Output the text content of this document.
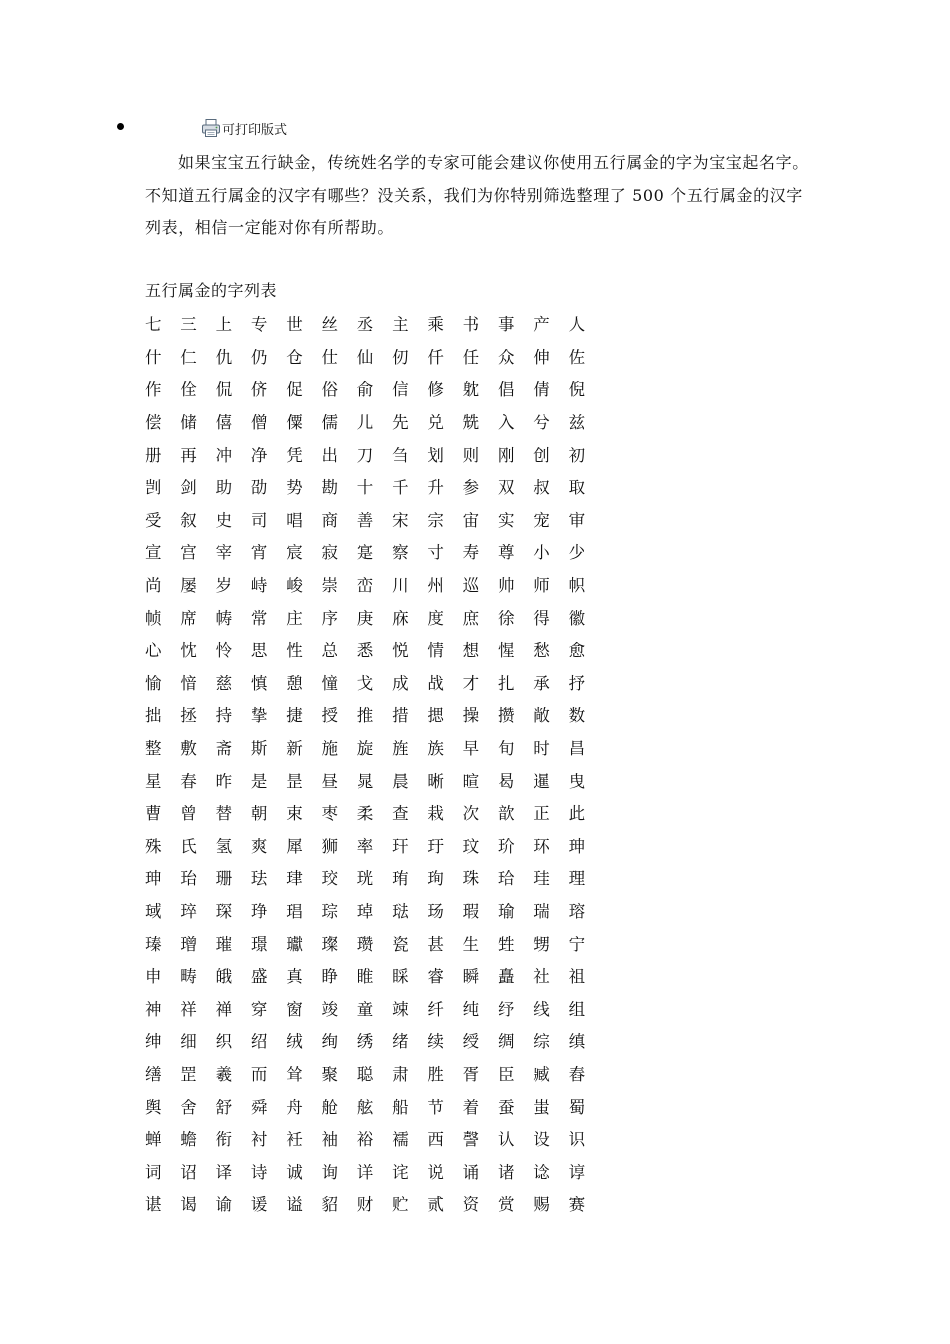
可打印版式

如果宝宝五行缺金，传统姓名学的专家可能会建议你使用五行属金的字为宝宝起名字。不知道五行属金的汉字有哪些？没关系，我们为你特别筛选整理了 500 个五行属金的汉字列表，相信一定能对你有所帮助。

五行属金的字列表
七	三	上	专	世	丝	丞	主	乘	书	事	产	人
什	仁	仇	仍	仓	仕	仙	仞	仟	任	众	伸	佐
作	佺	侃	侪	促	俗	俞	信	修	躭	倡	倩	倪
偿	储	僖	僧	僳	儒	儿	先	兑	兟	入	兮	兹
册	再	冲	净	凭	出	刀	刍	划	则	刚	创	初
剀	剑	助	劭	势	勘	十	千	升	参	双	叔	取
受	叙	史	司	唱	商	善	宋	宗	宙	实	宠	审
宣	宫	宰	宵	宸	寂	寔	察	寸	寿	尊	小	少
尚	屡	岁	峙	峻	崇	峦	川	州	巡	帅	师	帜
帧	席	帱	常	庄	序	庚	庥	度	庶	徐	得	徽
心	忱	怜	思	性	总	悉	悦	情	想	惺	愁	愈
愉	愔	慈	慎	憩	憧	戈	成	战	才	扎	承	抒
拙	拯	持	挚	捷	授	推	措	揌	操	攒	敞	数
整	敷	斋	斯	新	施	旋	旌	族	早	旬	时	昌
星	春	昨	是	昰	昼	晁	晨	晰	暄	曷	暹	曳
曹	曾	替	朝	束	枣	柔	查	栽	次	歆	正	此
殊	氏	氢	爽	犀	狮	率	玕	玗	玟	玠	环	珅
珅	珆	珊	珐	珒	珓	珖	珛	珣	珠	珨	珪	理
琙	琗	琛	琤	琩	琮	琸	琺	玚	瑕	瑜	瑞	瑢
瑧	璔	璀	璟	瓛	璨	瓒	瓷	甚	生	甡	甥	宁
申	畴	皒	盛	真	睁	睢	睬	睿	瞬	矗	社	祖
神	祥	禅	穿	窗	竣	童	竦	纤	纯	纾	线	组
绅	细	织	绍	绒	绚	绣	绪	续	绶	绸	综	缜
缮	罡	羲	而	耸	聚	聪	肃	胜	胥	臣	臧	舂
舆	舍	舒	舜	舟	舱	舷	船	节	着	蚕	蚩	蜀
蝉	蟾	衔	衬	衽	袖	裕	襦	西	謦	认	设	识
词	诏	译	诗	诚	询	详	诧	说	诵	诸	谂	谆
谌	谒	谕	谖	谥	貂	财	贮	贰	资	赏	赐	赛
